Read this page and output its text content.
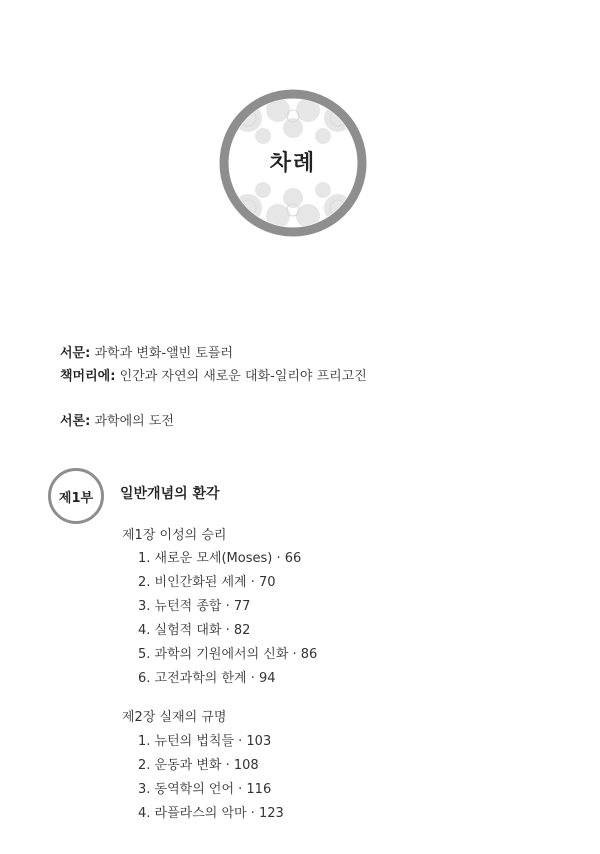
차례
서문: 과학과 변화-앨빈 토플러
책머리에: 인간과 자연의 새로운 대화-일리야 프리고진
서론: 과학에의 도전
제1부 일반개념의 환각
제1장 이성의 승리
1. 새로운 모세(Moses) · 66
2. 비인간화된 세계 · 70
3. 뉴턴적 종합 · 77
4. 실험적 대화 · 82
5. 과학의 기원에서의 신화 · 86
6. 고전과학의 한계 · 94
제2장 실재의 규명
1. 뉴턴의 법칙들 · 103
2. 운동과 변화 · 108
3. 동역학의 언어 · 116
4. 라플라스의 악마 · 123
